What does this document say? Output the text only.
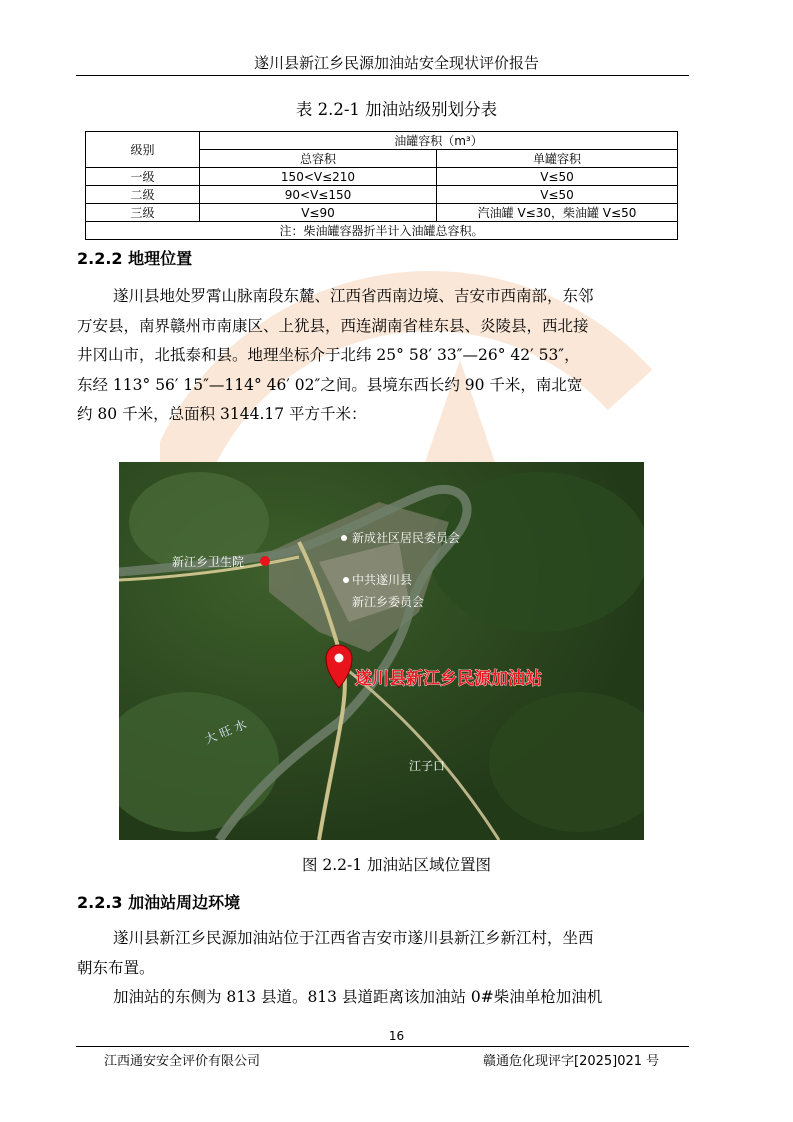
遂川县新江乡民源加油站安全现状评价报告
表 2.2-1 加油站级别划分表
级别	油罐容积（m³）	
	总容积	单罐容积
一级	150<V≤210	V≤50
二级	90<V≤150	V≤50
三级	V≤90	汽油罐 V≤30，柴油罐 V≤50
注：柴油罐容器折半计入油罐总容积。		
2.2.2 地理位置
遂川县地处罗霄山脉南段东麓、江西省西南边境、吉安市西南部，东邻
万安县，南界赣州市南康区、上犹县，西连湖南省桂东县、炎陵县，西北接
井冈山市，北抵泰和县。地理坐标介于北纬 25° 58′ 33″—26° 42′ 53″，
东经 113° 56′ 15″—114° 46′ 02″之间。县境东西长约 90 千米，南北宽
约 80 千米，总面积 3144.17 平方千米：
新江乡卫生院
新成社区居民委员会
中共遂川县
新江乡委员会
遂川县新江乡民源加油站
大 旺 水
江子口
图 2.2-1 加油站区域位置图
2.2.3 加油站周边环境
遂川县新江乡民源加油站位于江西省吉安市遂川县新江乡新江村，坐西
朝东布置。
加油站的东侧为 813 县道。813 县道距离该加油站 0#柴油单枪加油机
16
江西通安安全评价有限公司	赣通危化现评字[2025]021 号
